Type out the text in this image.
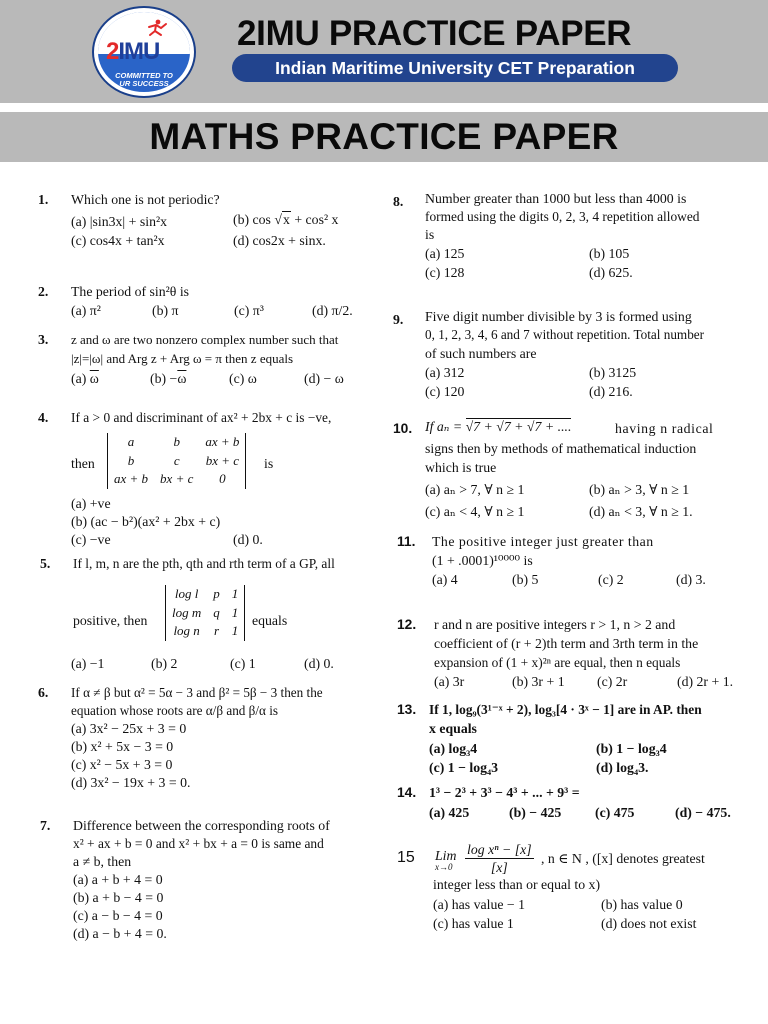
2IMU
COMMITTED TO
UR SUCCESS
2IMU PRACTICE PAPER
Indian Maritime University CET Preparation
MATHS PRACTICE PAPER
1. Which one is not periodic?
(a) |sin3x| + sin²x	(b) cos √x + cos² x
(c) cos4x + tan²x	(d) cos2x + sinx.
2. The period of sin²θ is
(a) π²	(b) π	(c) π³	(d) π/2.
3. z and ω are two nonzero complex number such that
|z|=|ω| and Arg z + Arg ω = π then z equals
(a) $\overline{\omega}$	$(b) -\overline{\omega}$	(c) ω	(d) − ω
4. If a > 0 and discriminant of ax² + 2bx + c is −ve,
then
a	b	ax + b
b	c	bx + c
ax + b	bx + c	0
is
(a) +ve
(b) (ac − b²)(ax² + 2bx + c)
(c) −ve	(d) 0.
5. If l, m, n are the pth, qth and rth term of a GP, all
positive, then
log l	p	1
log m	q	1
log n	r	1
equals
(a) −1	(b) 2	(c) 1	(d) 0.
6. If α ≠ β but α² = 5α − 3 and β² = 5β − 3 then the
equation whose roots are α/β and β/α is
(a) 3x² − 25x + 3 = 0
(b) x² + 5x − 3 = 0
(c) x² − 5x + 3 = 0
(d) 3x² − 19x + 3 = 0.
7. Difference between the corresponding roots of
x² + ax + b = 0 and x² + bx + a = 0 is same and
a ≠ b, then
(a) a + b + 4 = 0
(b) a + b − 4 = 0
(c) a − b − 4 = 0
(d) a − b + 4 = 0.
8. Number greater than 1000 but less than 4000 is
formed using the digits 0, 2, 3, 4 repetition allowed
is
(a) 125	(b) 105
(c) 128	(d) 625.
9. Five digit number divisible by 3 is formed using
0, 1, 2, 3, 4, 6 and 7 without repetition. Total number
of such numbers are
(a) 312	(b) 3125
(c) 120	(d) 216.
10. If aₙ = √7 + √7 + √7 + ....	having n radical
signs then by methods of mathematical induction
which is true
(a) aₙ > 7, ∀ n ≥ 1	(b) aₙ > 3, ∀ n ≥ 1
(c) aₙ < 4, ∀ n ≥ 1	(d) aₙ < 3, ∀ n ≥ 1.
11. The positive integer just greater than
(1 + .0001)¹⁰⁰⁰⁰ is
(a) 4	(b) 5	(c) 2	(d) 3.
12. r and n are positive integers r > 1, n > 2 and
coefficient of (r + 2)th term and 3rth term in the
expansion of (1 + x)²ⁿ are equal, then n equals
(a) 3r	(b) 3r + 1 (c) 2r	(d) 2r + 1.
13. If 1, log₉(3¹⁻ˣ + 2), log₃[4 · 3ˣ − 1] are in AP. then
x equals
(a) log₃4	(b) 1 − log₃4
(c) 1 − log₄3	(d) log₄3.
14. 1³ − 2³ + 3³ − 4³ + ... + 9³ =
(a) 425	(b) − 425 (c) 475	(d) − 475.
15 Lim
x→0
log xⁿ − [x]
[x]
, n ∈ N , ([x] denotes greatest
integer less than or equal to x)
(a) has value − 1	(b) has value 0
(c) has value 1	(d) does not exist
